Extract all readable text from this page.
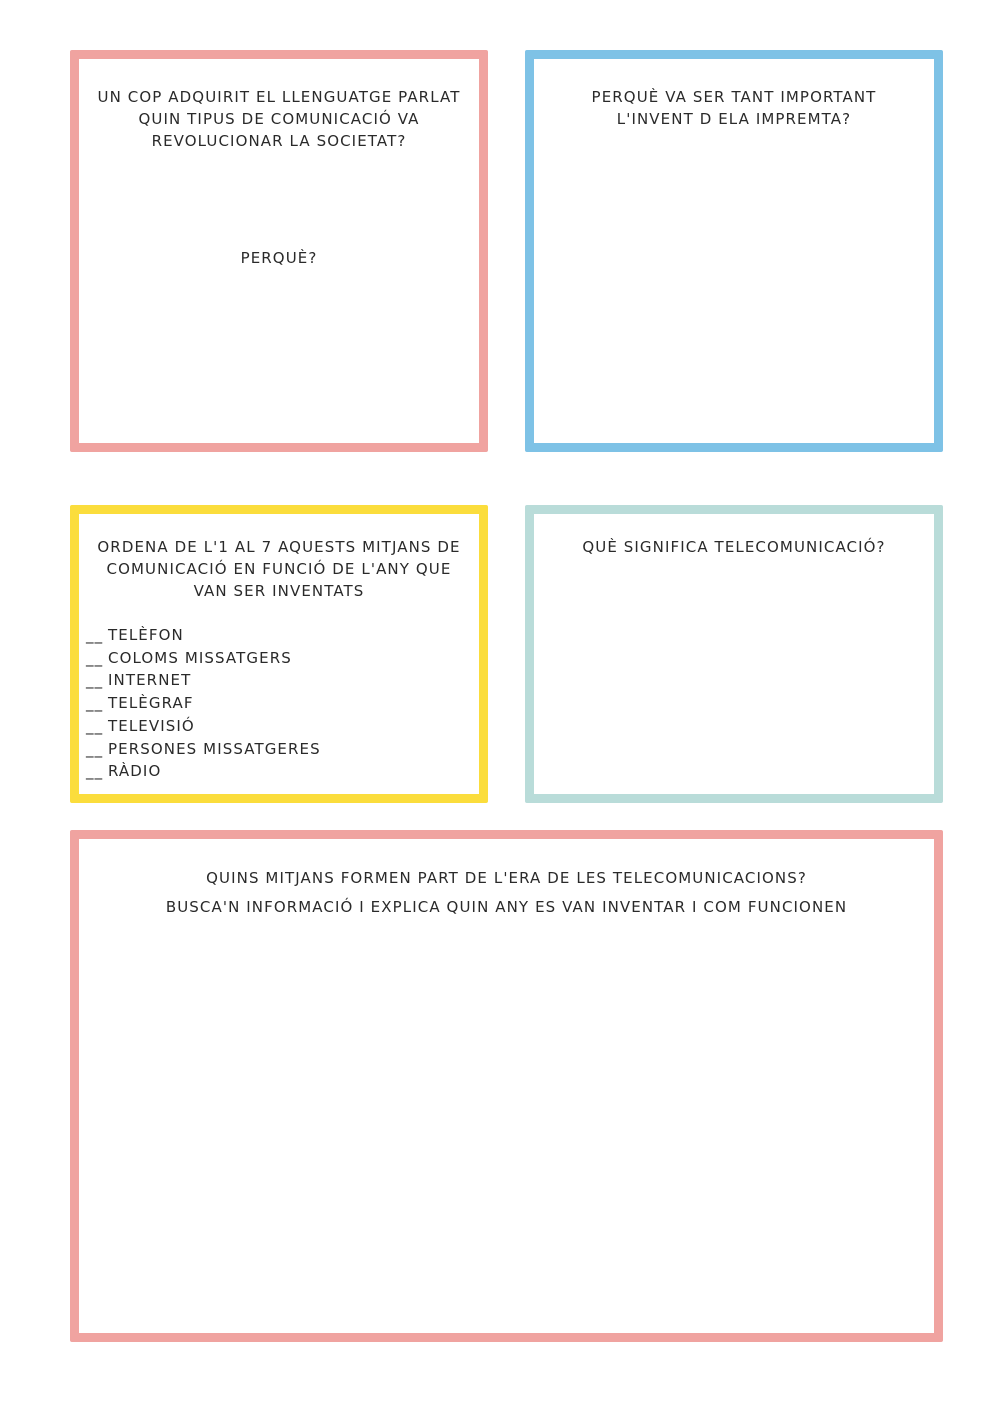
UN COP ADQUIRIT EL LLENGUATGE PARLAT

QUIN TIPUS DE COMUNICACIÓ VA

REVOLUCIONAR LA SOCIETAT?

PERQUÈ?

PERQUÈ VA SER TANT IMPORTANT

L'INVENT D ELA IMPREMTA?

ORDENA DE L'1 AL 7 AQUESTS MITJANS DE

COMUNICACIÓ EN FUNCIÓ DE L'ANY QUE

VAN SER INVENTATS

__ TELÈFON
__ COLOMS MISSATGERS
__ INTERNET
__ TELÈGRAF
__ TELEVISIÓ
__ PERSONES MISSATGERES
__ RÀDIO

QUÈ SIGNIFICA TELECOMUNICACIÓ?

QUINS MITJANS FORMEN PART DE L'ERA DE LES TELECOMUNICACIONS?

BUSCA'N INFORMACIÓ I EXPLICA QUIN ANY ES VAN INVENTAR I COM FUNCIONEN
